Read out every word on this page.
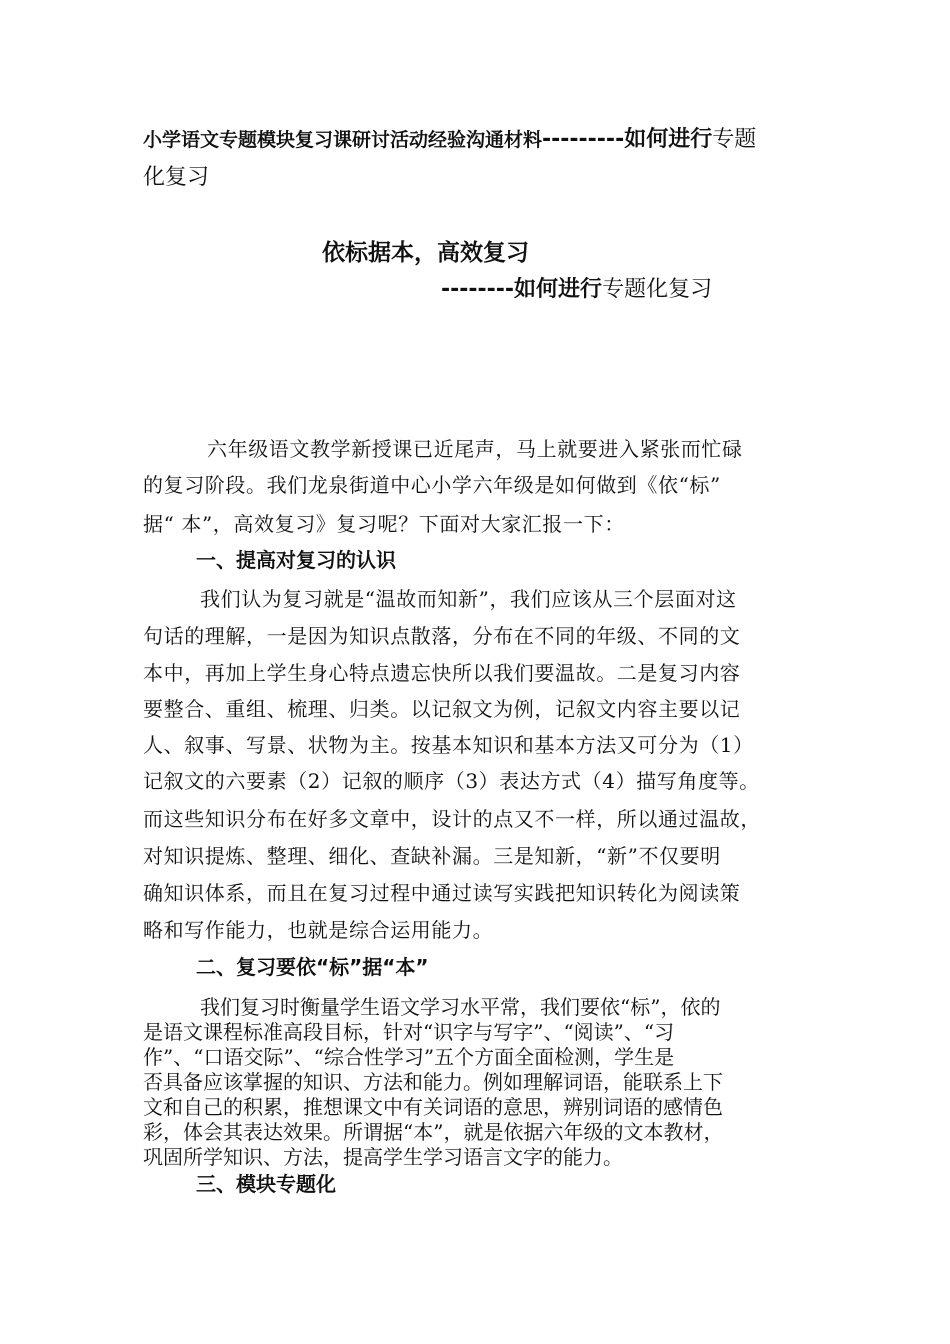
小学语文专题模块复习课研讨活动经验沟通材料---------如何进行专题
化复习
依标据本，高效复习
--------如何进行专题化复习
六年级语文教学新授课已近尾声，马上就要进入紧张而忙碌
的复习阶段。我们龙泉街道中心小学六年级是如何做到《依“标”
据“ 本”，高效复习》复习呢？下面对大家汇报一下：
一、提高对复习的认识
我们认为复习就是“温故而知新”，我们应该从三个层面对这
句话的理解，一是因为知识点散落，分布在不同的年级、不同的文
本中，再加上学生身心特点遗忘快所以我们要温故。二是复习内容
要整合、重组、梳理、归类。以记叙文为例，记叙文内容主要以记
人、叙事、写景、状物为主。按基本知识和基本方法又可分为（1）
记叙文的六要素（2）记叙的顺序（3）表达方式（4）描写角度等。
而这些知识分布在好多文章中，设计的点又不一样，所以通过温故，
对知识提炼、整理、细化、查缺补漏。三是知新，“新”不仅要明
确知识体系，而且在复习过程中通过读写实践把知识转化为阅读策
略和写作能力，也就是综合运用能力。
二、复习要依“标”据“本”
我们复习时衡量学生语文学习水平常，我们要依“标”，依的
是语文课程标准高段目标，针对“识字与写字”、“阅读”、“习
作”、“口语交际”、“综合性学习”五个方面全面检测，学生是
否具备应该掌握的知识、方法和能力。例如理解词语，能联系上下
文和自己的积累，推想课文中有关词语的意思，辨别词语的感情色
彩，体会其表达效果。所谓据“本”，就是依据六年级的文本教材，
巩固所学知识、方法，提高学生学习语言文字的能力。
三、模块专题化
